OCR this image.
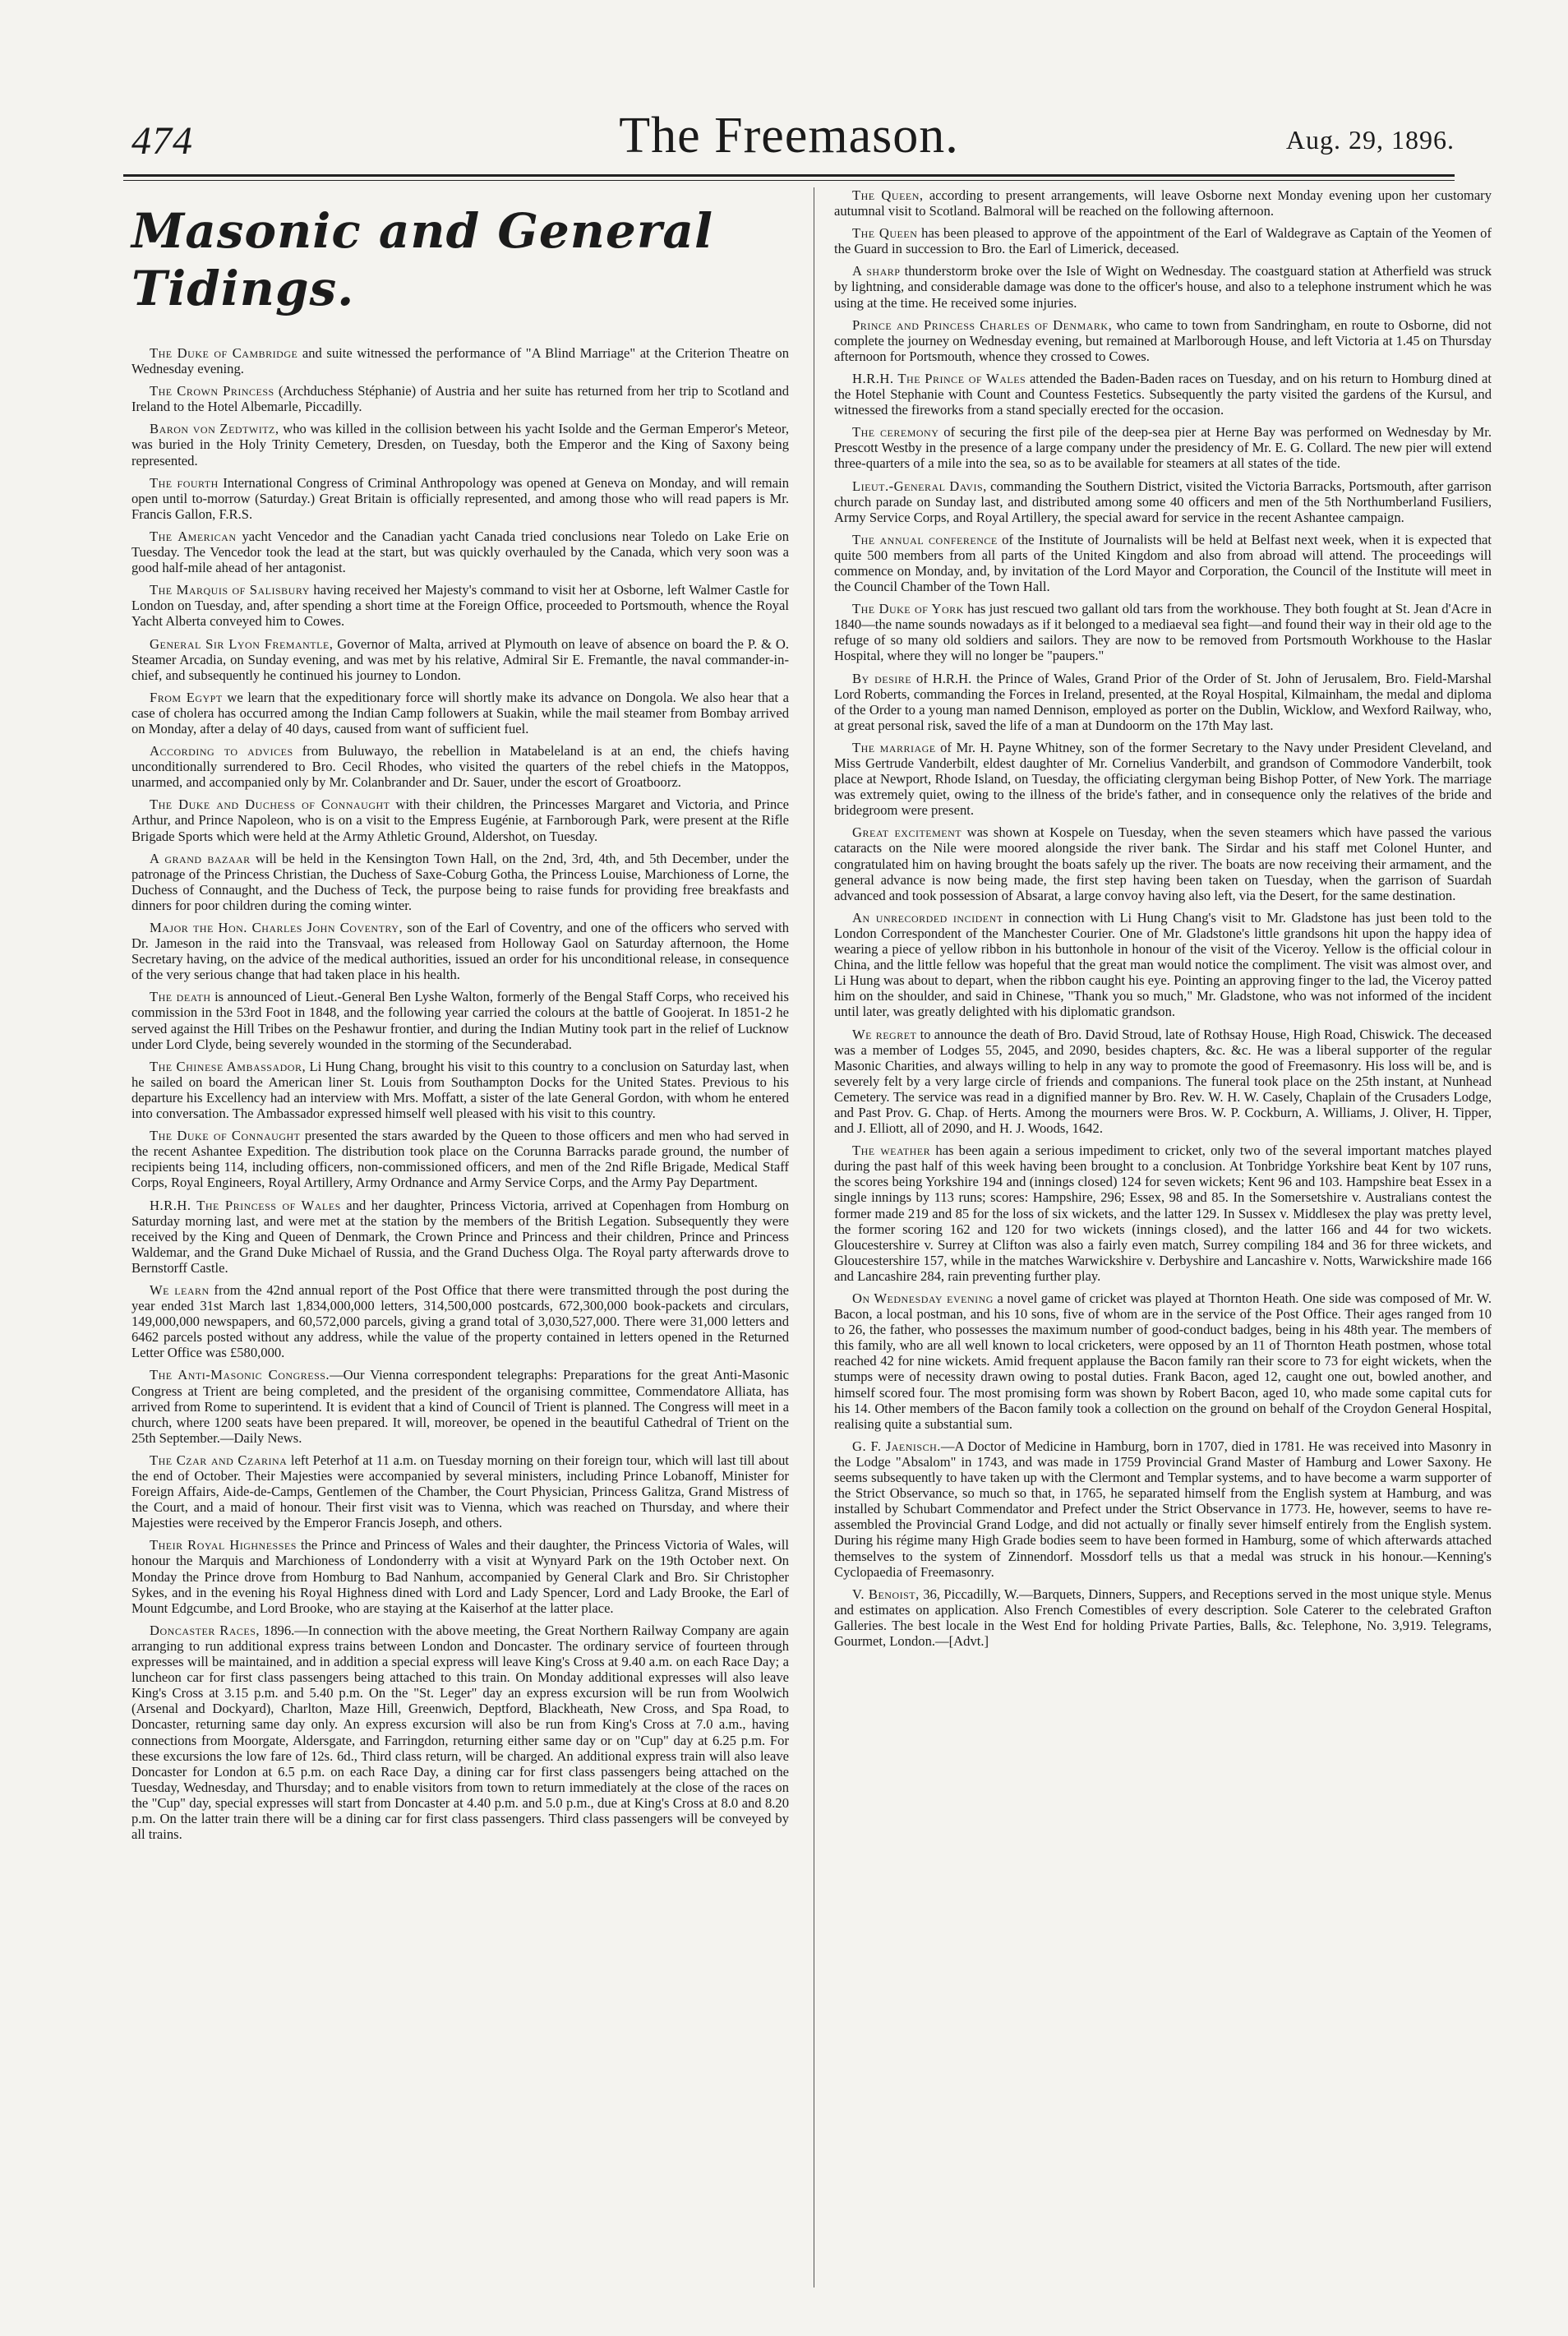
474	The Freemason.	Aug. 29, 1896.
Masonic and General Tidings.

The Duke of Cambridge and suite witnessed the performance of "A Blind Marriage" at the Criterion Theatre on Wednesday evening.

The Crown Princess (Archduchess Stéphanie) of Austria and her suite has returned from her trip to Scotland and Ireland to the Hotel Albemarle, Piccadilly.

Baron von Zedtwitz, who was killed in the collision between his yacht Isolde and the German Emperor's Meteor, was buried in the Holy Trinity Cemetery, Dresden, on Tuesday, both the Emperor and the King of Saxony being represented.

The fourth International Congress of Criminal Anthropology was opened at Geneva on Monday, and will remain open until to-morrow (Saturday.) Great Britain is officially represented, and among those who will read papers is Mr. Francis Gallon, F.R.S.

The American yacht Vencedor and the Canadian yacht Canada tried conclusions near Toledo on Lake Erie on Tuesday. The Vencedor took the lead at the start, but was quickly overhauled by the Canada, which very soon was a good half-mile ahead of her antagonist.

The Marquis of Salisbury having received her Majesty's command to visit her at Osborne, left Walmer Castle for London on Tuesday, and, after spending a short time at the Foreign Office, proceeded to Portsmouth, whence the Royal Yacht Alberta conveyed him to Cowes.

General Sir Lyon Fremantle, Governor of Malta, arrived at Plymouth on leave of absence on board the P. & O. Steamer Arcadia, on Sunday evening, and was met by his relative, Admiral Sir E. Fremantle, the naval commander-in-chief, and subsequently he continued his journey to London.

From Egypt we learn that the expeditionary force will shortly make its advance on Dongola. We also hear that a case of cholera has occurred among the Indian Camp followers at Suakin, while the mail steamer from Bombay arrived on Monday, after a delay of 40 days, caused from want of sufficient fuel.

According to advices from Buluwayo, the rebellion in Matabeleland is at an end, the chiefs having unconditionally surrendered to Bro. Cecil Rhodes, who visited the quarters of the rebel chiefs in the Matoppos, unarmed, and accompanied only by Mr. Colanbrander and Dr. Sauer, under the escort of Groatboorz.

The Duke and Duchess of Connaught with their children, the Princesses Margaret and Victoria, and Prince Arthur, and Prince Napoleon, who is on a visit to the Empress Eugénie, at Farnborough Park, were present at the Rifle Brigade Sports which were held at the Army Athletic Ground, Aldershot, on Tuesday.

A grand bazaar will be held in the Kensington Town Hall, on the 2nd, 3rd, 4th, and 5th December, under the patronage of the Princess Christian, the Duchess of Saxe-Coburg Gotha, the Princess Louise, Marchioness of Lorne, the Duchess of Connaught, and the Duchess of Teck, the purpose being to raise funds for providing free breakfasts and dinners for poor children during the coming winter.

Major the Hon. Charles John Coventry, son of the Earl of Coventry, and one of the officers who served with Dr. Jameson in the raid into the Transvaal, was released from Holloway Gaol on Saturday afternoon, the Home Secretary having, on the advice of the medical authorities, issued an order for his unconditional release, in consequence of the very serious change that had taken place in his health.

The death is announced of Lieut.-General Ben Lyshe Walton, formerly of the Bengal Staff Corps, who received his commission in the 53rd Foot in 1848, and the following year carried the colours at the battle of Goojerat. In 1851-2 he served against the Hill Tribes on the Peshawur frontier, and during the Indian Mutiny took part in the relief of Lucknow under Lord Clyde, being severely wounded in the storming of the Secunderabad.

The Chinese Ambassador, Li Hung Chang, brought his visit to this country to a conclusion on Saturday last, when he sailed on board the American liner St. Louis from Southampton Docks for the United States. Previous to his departure his Excellency had an interview with Mrs. Moffatt, a sister of the late General Gordon, with whom he entered into conversation. The Ambassador expressed himself well pleased with his visit to this country.

The Duke of Connaught presented the stars awarded by the Queen to those officers and men who had served in the recent Ashantee Expedition. The distribution took place on the Corunna Barracks parade ground, the number of recipients being 114, including officers, non-commissioned officers, and men of the 2nd Rifle Brigade, Medical Staff Corps, Royal Engineers, Royal Artillery, Army Ordnance and Army Service Corps, and the Army Pay Department.

H.R.H. The Princess of Wales and her daughter, Princess Victoria, arrived at Copenhagen from Homburg on Saturday morning last, and were met at the station by the members of the British Legation. Subsequently they were received by the King and Queen of Denmark, the Crown Prince and Princess and their children, Prince and Princess Waldemar, and the Grand Duke Michael of Russia, and the Grand Duchess Olga. The Royal party afterwards drove to Bernstorff Castle.

We learn from the 42nd annual report of the Post Office that there were transmitted through the post during the year ended 31st March last 1,834,000,000 letters, 314,500,000 postcards, 672,300,000 book-packets and circulars, 149,000,000 newspapers, and 60,572,000 parcels, giving a grand total of 3,030,527,000. There were 31,000 letters and 6462 parcels posted without any address, while the value of the property contained in letters opened in the Returned Letter Office was £580,000.

The Anti-Masonic Congress.—Our Vienna correspondent telegraphs: Preparations for the great Anti-Masonic Congress at Trient are being completed, and the president of the organising committee, Commendatore Alliata, has arrived from Rome to superintend. It is evident that a kind of Council of Trient is planned. The Congress will meet in a church, where 1200 seats have been prepared. It will, moreover, be opened in the beautiful Cathedral of Trient on the 25th September.—Daily News.

The Czar and Czarina left Peterhof at 11 a.m. on Tuesday morning on their foreign tour, which will last till about the end of October. Their Majesties were accompanied by several ministers, including Prince Lobanoff, Minister for Foreign Affairs, Aide-de-Camps, Gentlemen of the Chamber, the Court Physician, Princess Galitza, Grand Mistress of the Court, and a maid of honour. Their first visit was to Vienna, which was reached on Thursday, and where their Majesties were received by the Emperor Francis Joseph, and others.

Their Royal Highnesses the Prince and Princess of Wales and their daughter, the Princess Victoria of Wales, will honour the Marquis and Marchioness of Londonderry with a visit at Wynyard Park on the 19th October next. On Monday the Prince drove from Homburg to Bad Nanhum, accompanied by General Clark and Bro. Sir Christopher Sykes, and in the evening his Royal Highness dined with Lord and Lady Spencer, Lord and Lady Brooke, the Earl of Mount Edgcumbe, and Lord Brooke, who are staying at the Kaiserhof at the latter place.

Doncaster Races, 1896.—In connection with the above meeting, the Great Northern Railway Company are again arranging to run additional express trains between London and Doncaster. The ordinary service of fourteen through expresses will be maintained, and in addition a special express will leave King's Cross at 9.40 a.m. on each Race Day; a luncheon car for first class passengers being attached to this train. On Monday additional expresses will also leave King's Cross at 3.15 p.m. and 5.40 p.m. On the "St. Leger" day an express excursion will be run from Woolwich (Arsenal and Dockyard), Charlton, Maze Hill, Greenwich, Deptford, Blackheath, New Cross, and Spa Road, to Doncaster, returning same day only. An express excursion will also be run from King's Cross at 7.0 a.m., having connections from Moorgate, Aldersgate, and Farringdon, returning either same day or on "Cup" day at 6.25 p.m. For these excursions the low fare of 12s. 6d., Third class return, will be charged. An additional express train will also leave Doncaster for London at 6.5 p.m. on each Race Day, a dining car for first class passengers being attached on the Tuesday, Wednesday, and Thursday; and to enable visitors from town to return immediately at the close of the races on the "Cup" day, special expresses will start from Doncaster at 4.40 p.m. and 5.0 p.m., due at King's Cross at 8.0 and 8.20 p.m. On the latter train there will be a dining car for first class passengers. Third class passengers will be conveyed by all trains.

The Queen, according to present arrangements, will leave Osborne next Monday evening upon her customary autumnal visit to Scotland. Balmoral will be reached on the following afternoon.

The Queen has been pleased to approve of the appointment of the Earl of Waldegrave as Captain of the Yeomen of the Guard in succession to Bro. the Earl of Limerick, deceased.

A sharp thunderstorm broke over the Isle of Wight on Wednesday. The coastguard station at Atherfield was struck by lightning, and considerable damage was done to the officer's house, and also to a telephone instrument which he was using at the time. He received some injuries.

Prince and Princess Charles of Denmark, who came to town from Sandringham, en route to Osborne, did not complete the journey on Wednesday evening, but remained at Marlborough House, and left Victoria at 1.45 on Thursday afternoon for Portsmouth, whence they crossed to Cowes.

H.R.H. The Prince of Wales attended the Baden-Baden races on Tuesday, and on his return to Homburg dined at the Hotel Stephanie with Count and Countess Festetics. Subsequently the party visited the gardens of the Kursul, and witnessed the fireworks from a stand specially erected for the occasion.

The ceremony of securing the first pile of the deep-sea pier at Herne Bay was performed on Wednesday by Mr. Prescott Westby in the presence of a large company under the presidency of Mr. E. G. Collard. The new pier will extend three-quarters of a mile into the sea, so as to be available for steamers at all states of the tide.

Lieut.-General Davis, commanding the Southern District, visited the Victoria Barracks, Portsmouth, after garrison church parade on Sunday last, and distributed among some 40 officers and men of the 5th Northumberland Fusiliers, Army Service Corps, and Royal Artillery, the special award for service in the recent Ashantee campaign.

The annual conference of the Institute of Journalists will be held at Belfast next week, when it is expected that quite 500 members from all parts of the United Kingdom and also from abroad will attend. The proceedings will commence on Monday, and, by invitation of the Lord Mayor and Corporation, the Council of the Institute will meet in the Council Chamber of the Town Hall.

The Duke of York has just rescued two gallant old tars from the workhouse. They both fought at St. Jean d'Acre in 1840—the name sounds nowadays as if it belonged to a mediaeval sea fight—and found their way in their old age to the refuge of so many old soldiers and sailors. They are now to be removed from Portsmouth Workhouse to the Haslar Hospital, where they will no longer be "paupers."

By desire of H.R.H. the Prince of Wales, Grand Prior of the Order of St. John of Jerusalem, Bro. Field-Marshal Lord Roberts, commanding the Forces in Ireland, presented, at the Royal Hospital, Kilmainham, the medal and diploma of the Order to a young man named Dennison, employed as porter on the Dublin, Wicklow, and Wexford Railway, who, at great personal risk, saved the life of a man at Dundoorm on the 17th May last.

The marriage of Mr. H. Payne Whitney, son of the former Secretary to the Navy under President Cleveland, and Miss Gertrude Vanderbilt, eldest daughter of Mr. Cornelius Vanderbilt, and grandson of Commodore Vanderbilt, took place at Newport, Rhode Island, on Tuesday, the officiating clergyman being Bishop Potter, of New York. The marriage was extremely quiet, owing to the illness of the bride's father, and in consequence only the relatives of the bride and bridegroom were present.

Great excitement was shown at Kospele on Tuesday, when the seven steamers which have passed the various cataracts on the Nile were moored alongside the river bank. The Sirdar and his staff met Colonel Hunter, and congratulated him on having brought the boats safely up the river. The boats are now receiving their armament, and the general advance is now being made, the first step having been taken on Tuesday, when the garrison of Suardah advanced and took possession of Absarat, a large convoy having also left, via the Desert, for the same destination.

An unrecorded incident in connection with Li Hung Chang's visit to Mr. Gladstone has just been told to the London Correspondent of the Manchester Courier. One of Mr. Gladstone's little grandsons hit upon the happy idea of wearing a piece of yellow ribbon in his buttonhole in honour of the visit of the Viceroy. Yellow is the official colour in China, and the little fellow was hopeful that the great man would notice the compliment. The visit was almost over, and Li Hung was about to depart, when the ribbon caught his eye. Pointing an approving finger to the lad, the Viceroy patted him on the shoulder, and said in Chinese, "Thank you so much," Mr. Gladstone, who was not informed of the incident until later, was greatly delighted with his diplomatic grandson.

We regret to announce the death of Bro. David Stroud, late of Rothsay House, High Road, Chiswick. The deceased was a member of Lodges 55, 2045, and 2090, besides chapters, &c. &c. He was a liberal supporter of the regular Masonic Charities, and always willing to help in any way to promote the good of Freemasonry. His loss will be, and is severely felt by a very large circle of friends and companions. The funeral took place on the 25th instant, at Nunhead Cemetery. The service was read in a dignified manner by Bro. Rev. W. H. W. Casely, Chaplain of the Crusaders Lodge, and Past Prov. G. Chap. of Herts. Among the mourners were Bros. W. P. Cockburn, A. Williams, J. Oliver, H. Tipper, and J. Elliott, all of 2090, and H. J. Woods, 1642.

The weather has been again a serious impediment to cricket, only two of the several important matches played during the past half of this week having been brought to a conclusion. At Tonbridge Yorkshire beat Kent by 107 runs, the scores being Yorkshire 194 and (innings closed) 124 for seven wickets; Kent 96 and 103. Hampshire beat Essex in a single innings by 113 runs; scores: Hampshire, 296; Essex, 98 and 85. In the Somersetshire v. Australians contest the former made 219 and 85 for the loss of six wickets, and the latter 129. In Sussex v. Middlesex the play was pretty level, the former scoring 162 and 120 for two wickets (innings closed), and the latter 166 and 44 for two wickets. Gloucestershire v. Surrey at Clifton was also a fairly even match, Surrey compiling 184 and 36 for three wickets, and Gloucestershire 157, while in the matches Warwickshire v. Derbyshire and Lancashire v. Notts, Warwickshire made 166 and Lancashire 284, rain preventing further play.

On Wednesday evening a novel game of cricket was played at Thornton Heath. One side was composed of Mr. W. Bacon, a local postman, and his 10 sons, five of whom are in the service of the Post Office. Their ages ranged from 10 to 26, the father, who possesses the maximum number of good-conduct badges, being in his 48th year. The members of this family, who are all well known to local cricketers, were opposed by an 11 of Thornton Heath postmen, whose total reached 42 for nine wickets. Amid frequent applause the Bacon family ran their score to 73 for eight wickets, when the stumps were of necessity drawn owing to postal duties. Frank Bacon, aged 12, caught one out, bowled another, and himself scored four. The most promising form was shown by Robert Bacon, aged 10, who made some capital cuts for his 14. Other members of the Bacon family took a collection on the ground on behalf of the Croydon General Hospital, realising quite a substantial sum.

G. F. Jaenisch.—A Doctor of Medicine in Hamburg, born in 1707, died in 1781. He was received into Masonry in the Lodge "Absalom" in 1743, and was made in 1759 Provincial Grand Master of Hamburg and Lower Saxony. He seems subsequently to have taken up with the Clermont and Templar systems, and to have become a warm supporter of the Strict Observance, so much so that, in 1765, he separated himself from the English system at Hamburg, and was installed by Schubart Commendator and Prefect under the Strict Observance in 1773. He, however, seems to have re-assembled the Provincial Grand Lodge, and did not actually or finally sever himself entirely from the English system. During his régime many High Grade bodies seem to have been formed in Hamburg, some of which afterwards attached themselves to the system of Zinnendorf. Mossdorf tells us that a medal was struck in his honour.—Kenning's Cyclopaedia of Freemasonry.

V. Benoist, 36, Piccadilly, W.—Barquets, Dinners, Suppers, and Receptions served in the most unique style. Menus and estimates on application. Also French Comestibles of every description. Sole Caterer to the celebrated Grafton Galleries. The best locale in the West End for holding Private Parties, Balls, &c. Telephone, No. 3,919. Telegrams, Gourmet, London.—[Advt.]
